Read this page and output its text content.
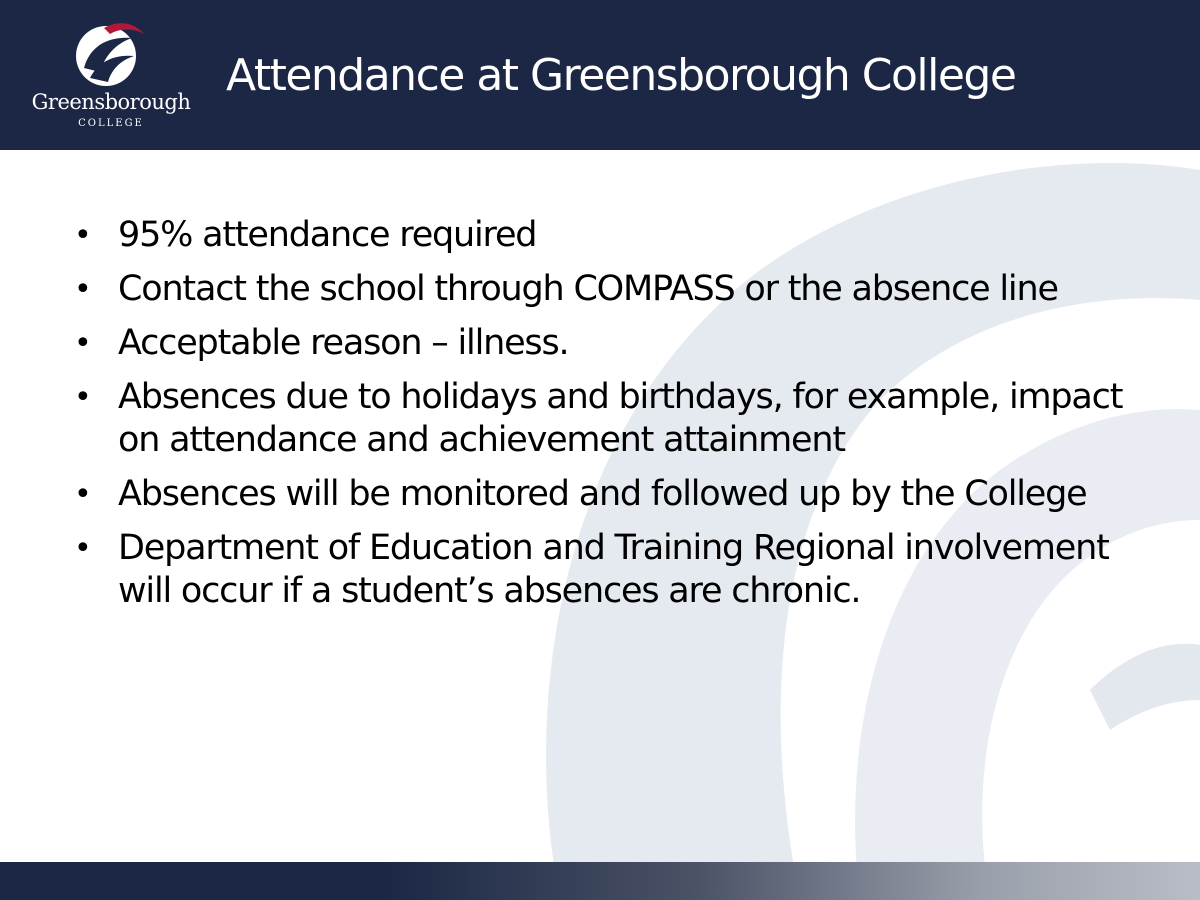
Greensborough
COLLEGE
Attendance at Greensborough College
• 95% attendance required
• Contact the school through COMPASS or the absence line
• Acceptable reason – illness.
• Absences due to holidays and birthdays, for example, impact on attendance and achievement attainment
• Absences will be monitored and followed up by the College
• Department of Education and Training Regional involvement will occur if a student’s absences are chronic.
